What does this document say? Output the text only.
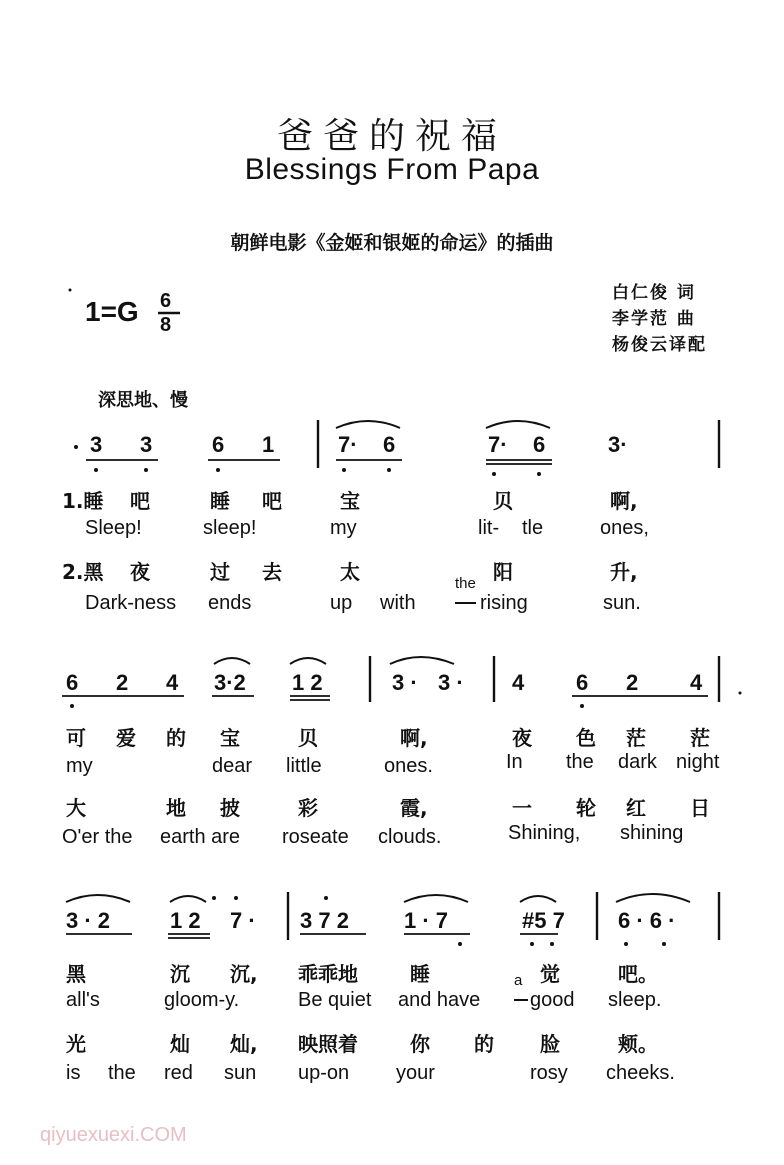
爸爸的祝福
Blessings From Papa
朝鲜电影《金姬和银姬的命运》的插曲
白仁俊 词
李学范 曲
杨俊云译配
1=G 6
8
深思地、慢
3 3	6 1	7· 6	7· 6	3·
1.睡 吧	睡 吧	宝	贝	啊,
Sleep!	sleep!	my	lit- tle	ones,
2.黑 夜	过 去	太	阳	升,
Dark-ness ends	up with
the
rising	sun.
6 2 4 3·2 1 2	3 · 3 · 4 6 2 4
可 爱 的 宝	贝	啊,	夜 色 茫 茫
my	dear little	ones.	In the dark night
大	地 披	彩	霞,	一 轮 红 日
O'er the earth are roseate clouds.	Shining, shining
3 · 2	1 2 7 · 3 7 2	1 · 7	#5 7 6 · 6 ·
黑	沉 沉, 乖乖地	睡	觉	吧。
all's	gloom-y.	Be quiet and have
a
good sleep.
光	灿 灿, 映照着	你 的 脸	颊。
is the red sun up-on your	rosy cheeks.
qiyuexuexi.COM
